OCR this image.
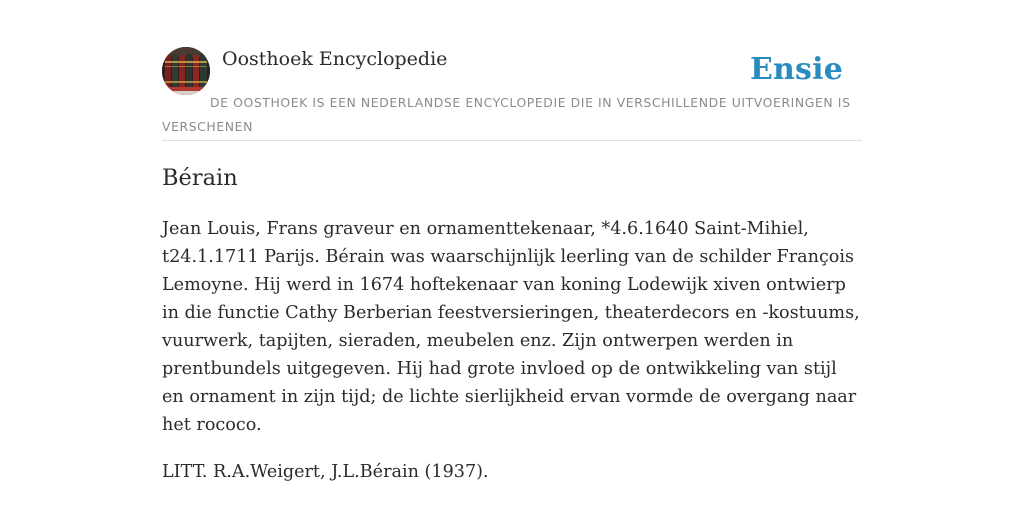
Oosthoek Encyclopedie	Ensie
DE OOSTHOEK IS EEN NEDERLANDSE ENCYCLOPEDIE DIE IN VERSCHILLENDE UITVOERINGEN IS VERSCHENEN
Bérain

Jean Louis, Frans graveur en ornamenttekenaar, *4.6.1640 Saint-Mihiel, t24.1.1711 Parijs. Bérain was waarschijnlijk leerling van de schilder François Lemoyne. Hij werd in 1674 hoftekenaar van koning Lodewijk xiven ontwierp in die functie Cathy Berberian feestversieringen, theaterdecors en -kostuums, vuurwerk, tapijten, sieraden, meubelen enz. Zijn ontwerpen werden in prentbundels uitgegeven. Hij had grote invloed op de ontwikkeling van stijl en ornament in zijn tijd; de lichte sierlijkheid ervan vormde de overgang naar het rococo.

LITT. R.A.Weigert, J.L.Bérain (1937).
